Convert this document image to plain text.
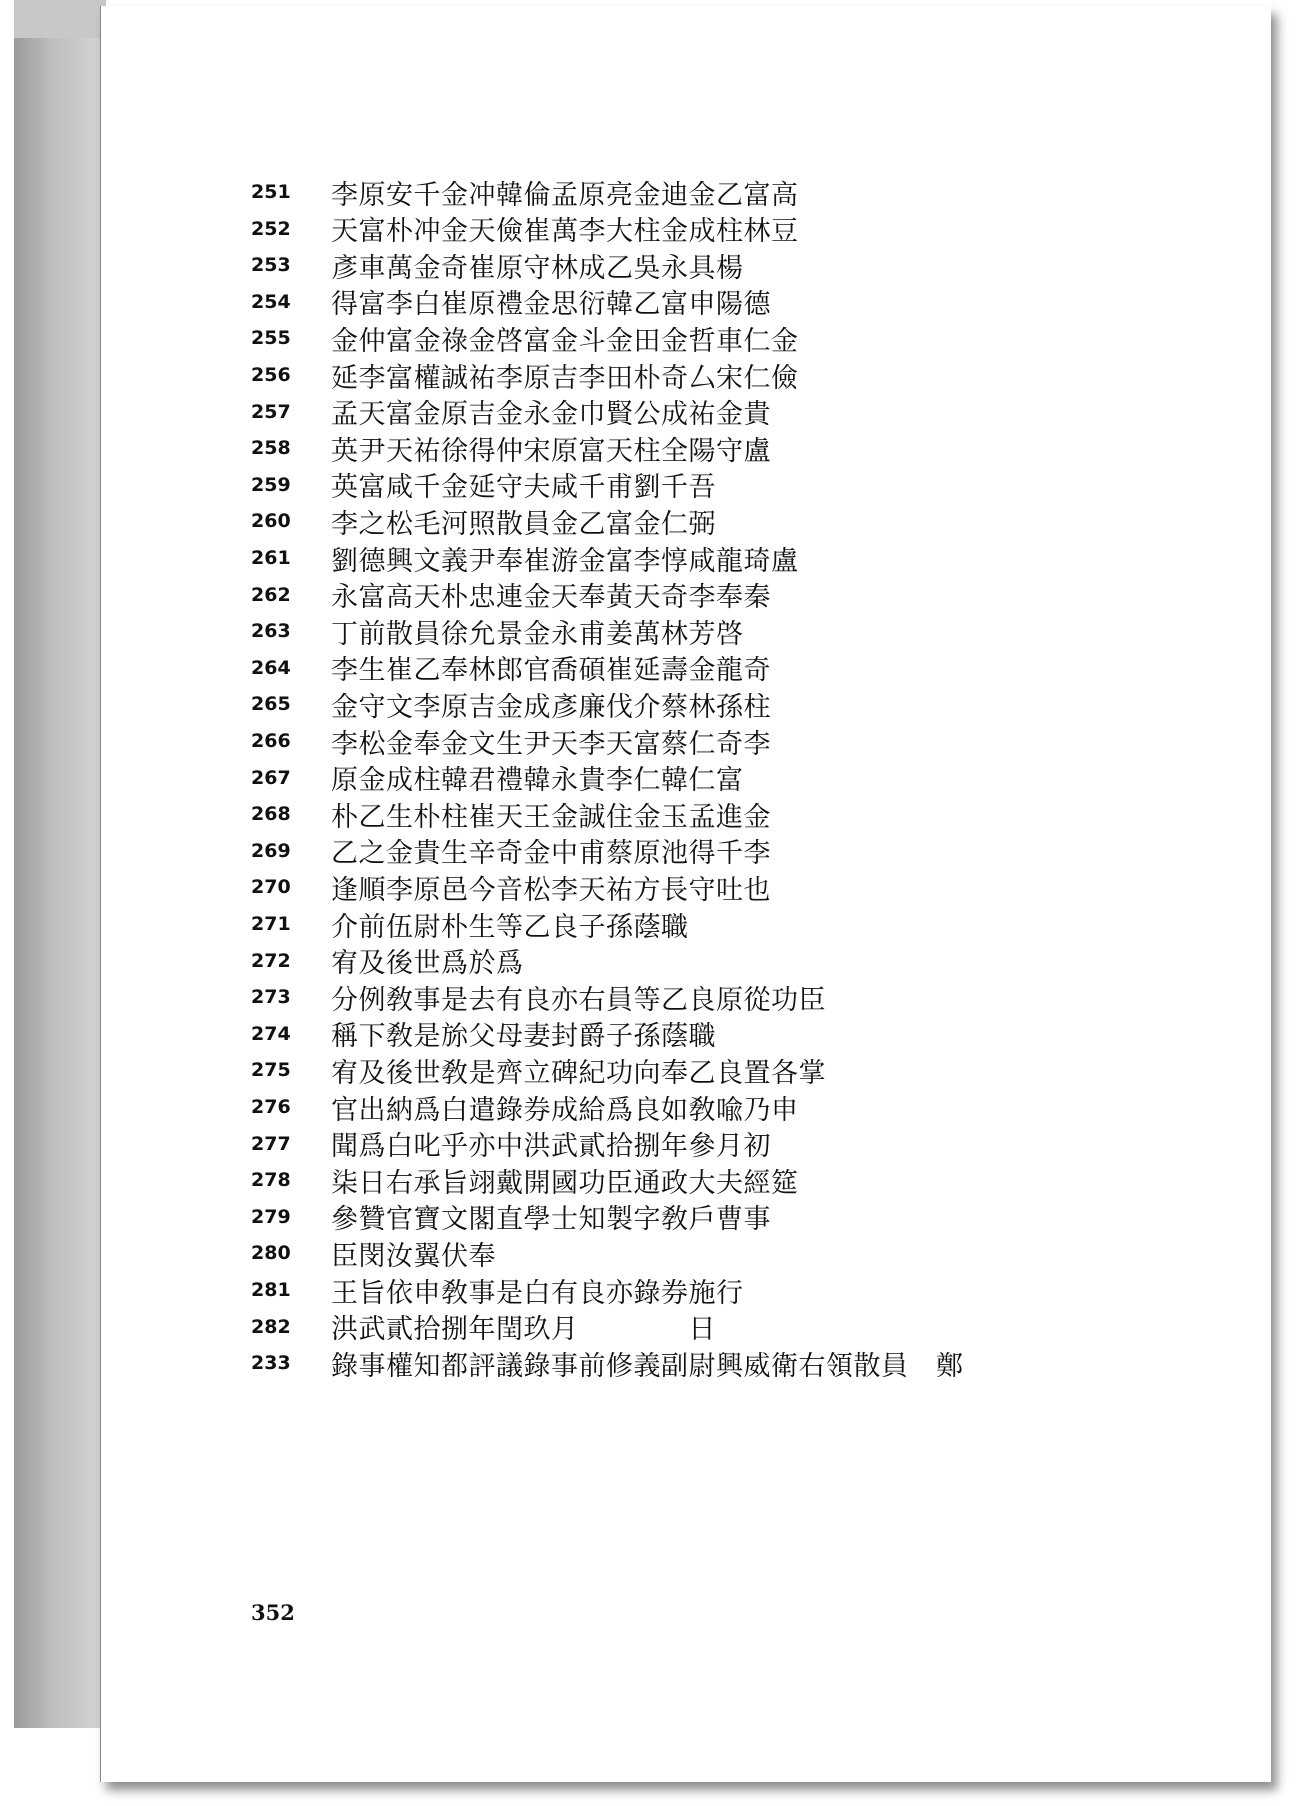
251	李原安千金冲韓倫孟原亮金迪金乙富高
252	天富朴冲金天儉崔萬李大柱金成柱林豆
253	彥車萬金奇崔原守林成乙吳永具楊
254	得富李白崔原禮金思衍韓乙富申陽德
255	金仲富金祿金啓富金斗金田金哲車仁金
256	延李富權誠祐李原吉李田朴奇厶宋仁儉
257	孟天富金原吉金永金巾賢公成祐金貴
258	英尹天祐徐得仲宋原富天柱全陽守盧
259	英富咸千金延守夫咸千甫劉千吾
260	李之松毛河照散員金乙富金仁弼
261	劉德興文義尹奉崔游金富李惇咸龍琦盧
262	永富高天朴忠連金天奉黃天奇李奉秦
263	丁前散員徐允景金永甫姜萬林芳啓
264	李生崔乙奉林郎官喬碩崔延壽金龍奇
265	金守文李原吉金成彥廉伐介蔡林孫柱
266	李松金奉金文生尹天李天富蔡仁奇李
267	原金成柱韓君禮韓永貴李仁韓仁富
268	朴乙生朴柱崔天王金誠住金玉孟進金
269	乙之金貴生辛奇金中甫蔡原池得千李
270	逢順李原邑今音松李天祐方長守吐也
271	介前伍尉朴生等乙良子孫蔭職
272	宥及後世爲於爲
273	分例敎事是去有良亦右員等乙良原從功臣
274	稱下敎是旀父母妻封爵子孫蔭職
275	宥及後世敎是齊立碑紀功向奉乙良置各掌
276	官出納爲白遣錄券成給爲良如敎喩乃申
277	聞爲白叱乎亦中洪武貳拾捌年參月初
278	柒日右承旨翊戴開國功臣通政大夫經筵
279	參贊官寶文閣直學士知製字敎戶曹事
280	臣閔汝翼伏奉
281	王旨依申敎事是白有良亦錄券施行
282	洪武貳拾捌年閏玖月　　　　日
233	錄事權知都評議錄事前修義副尉興威衛右領散員　鄭
352
